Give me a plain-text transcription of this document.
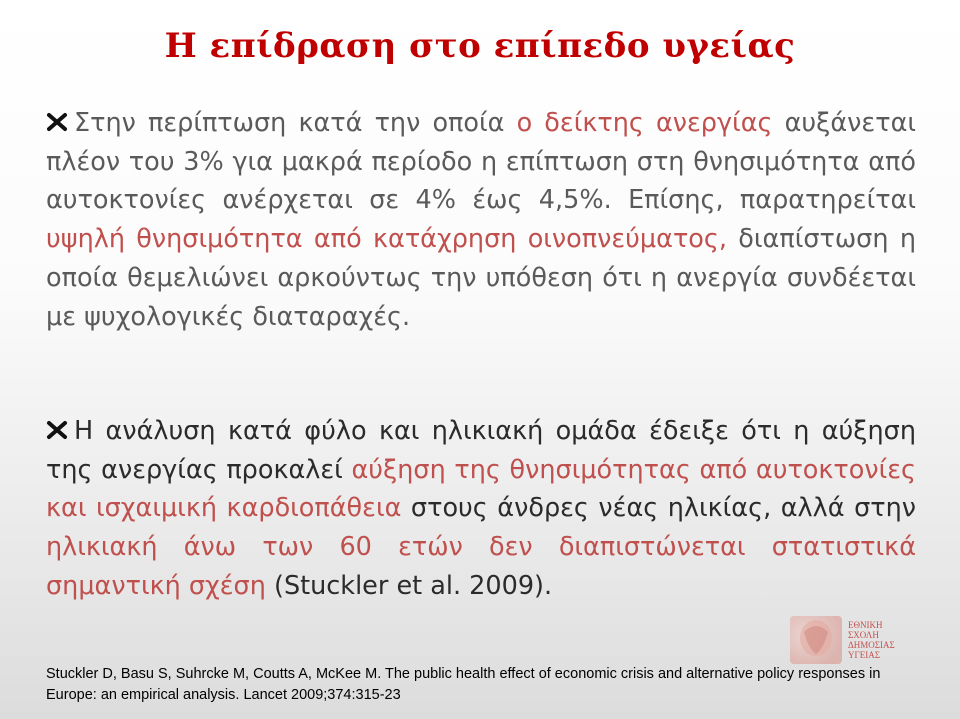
Η επίδραση στο επίπεδο υγείας
Στην περίπτωση κατά την οποία ο δείκτης ανεργίας αυξάνεται πλέον του 3% για μακρά περίοδο η επίπτωση στη θνησιμότητα από αυτοκτονίες ανέρχεται σε 4% έως 4,5%. Επίσης, παρατηρείται υψηλή θνησιμότητα από κατάχρηση οινοπνεύματος, διαπίστωση η οποία θεμελιώνει αρκούντως την υπόθεση ότι η ανεργία συνδέεται με ψυχολογικές διαταραχές.
Η ανάλυση κατά φύλο και ηλικιακή ομάδα έδειξε ότι η αύξηση της ανεργίας προκαλεί αύξηση της θνησιμότητας από αυτοκτονίες και ισχαιμική καρδιοπάθεια στους άνδρες νέας ηλικίας, αλλά στην ηλικιακή άνω των 60 ετών δεν διαπιστώνεται στατιστικά σημαντική σχέση (Stuckler et al. 2009).
ΕΘΝΙΚΗ
ΣΧΟΛΗ
ΔΗΜΟΣΙΑΣ
ΥΓΕΙΑΣ
Stuckler D, Basu S, Suhrcke M, Coutts A, McKee M. The public health effect of economic crisis and alternative policy responses in Europe: an empirical analysis. Lancet 2009;374:315-23
